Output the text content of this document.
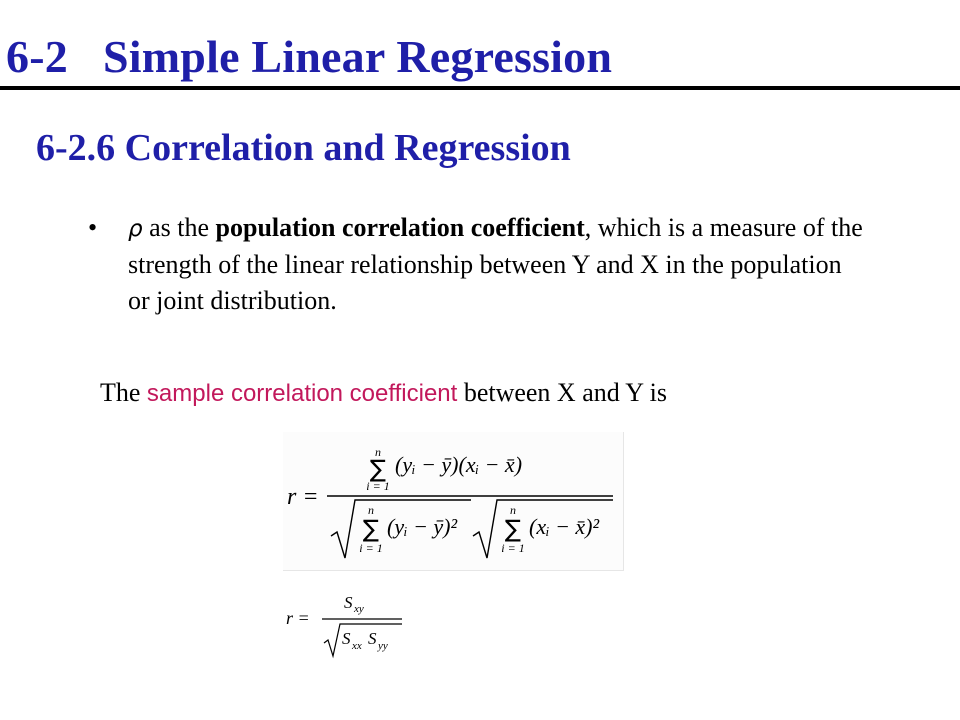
6-2   Simple Linear Regression
6-2.6 Correlation and Regression
• ρ as the population correlation coefficient, which is a measure of the strength of the linear relationship between Y and X in the population or joint distribution.
The sample correlation coefficient between X and Y is
r =
n
∑
i = 1
(yᵢ − ȳ)(xᵢ − x̄)
n
∑
i = 1
(yᵢ − ȳ)²
n
∑
i = 1
(xᵢ − x̄)²
r =
S xy
S xx S yy
